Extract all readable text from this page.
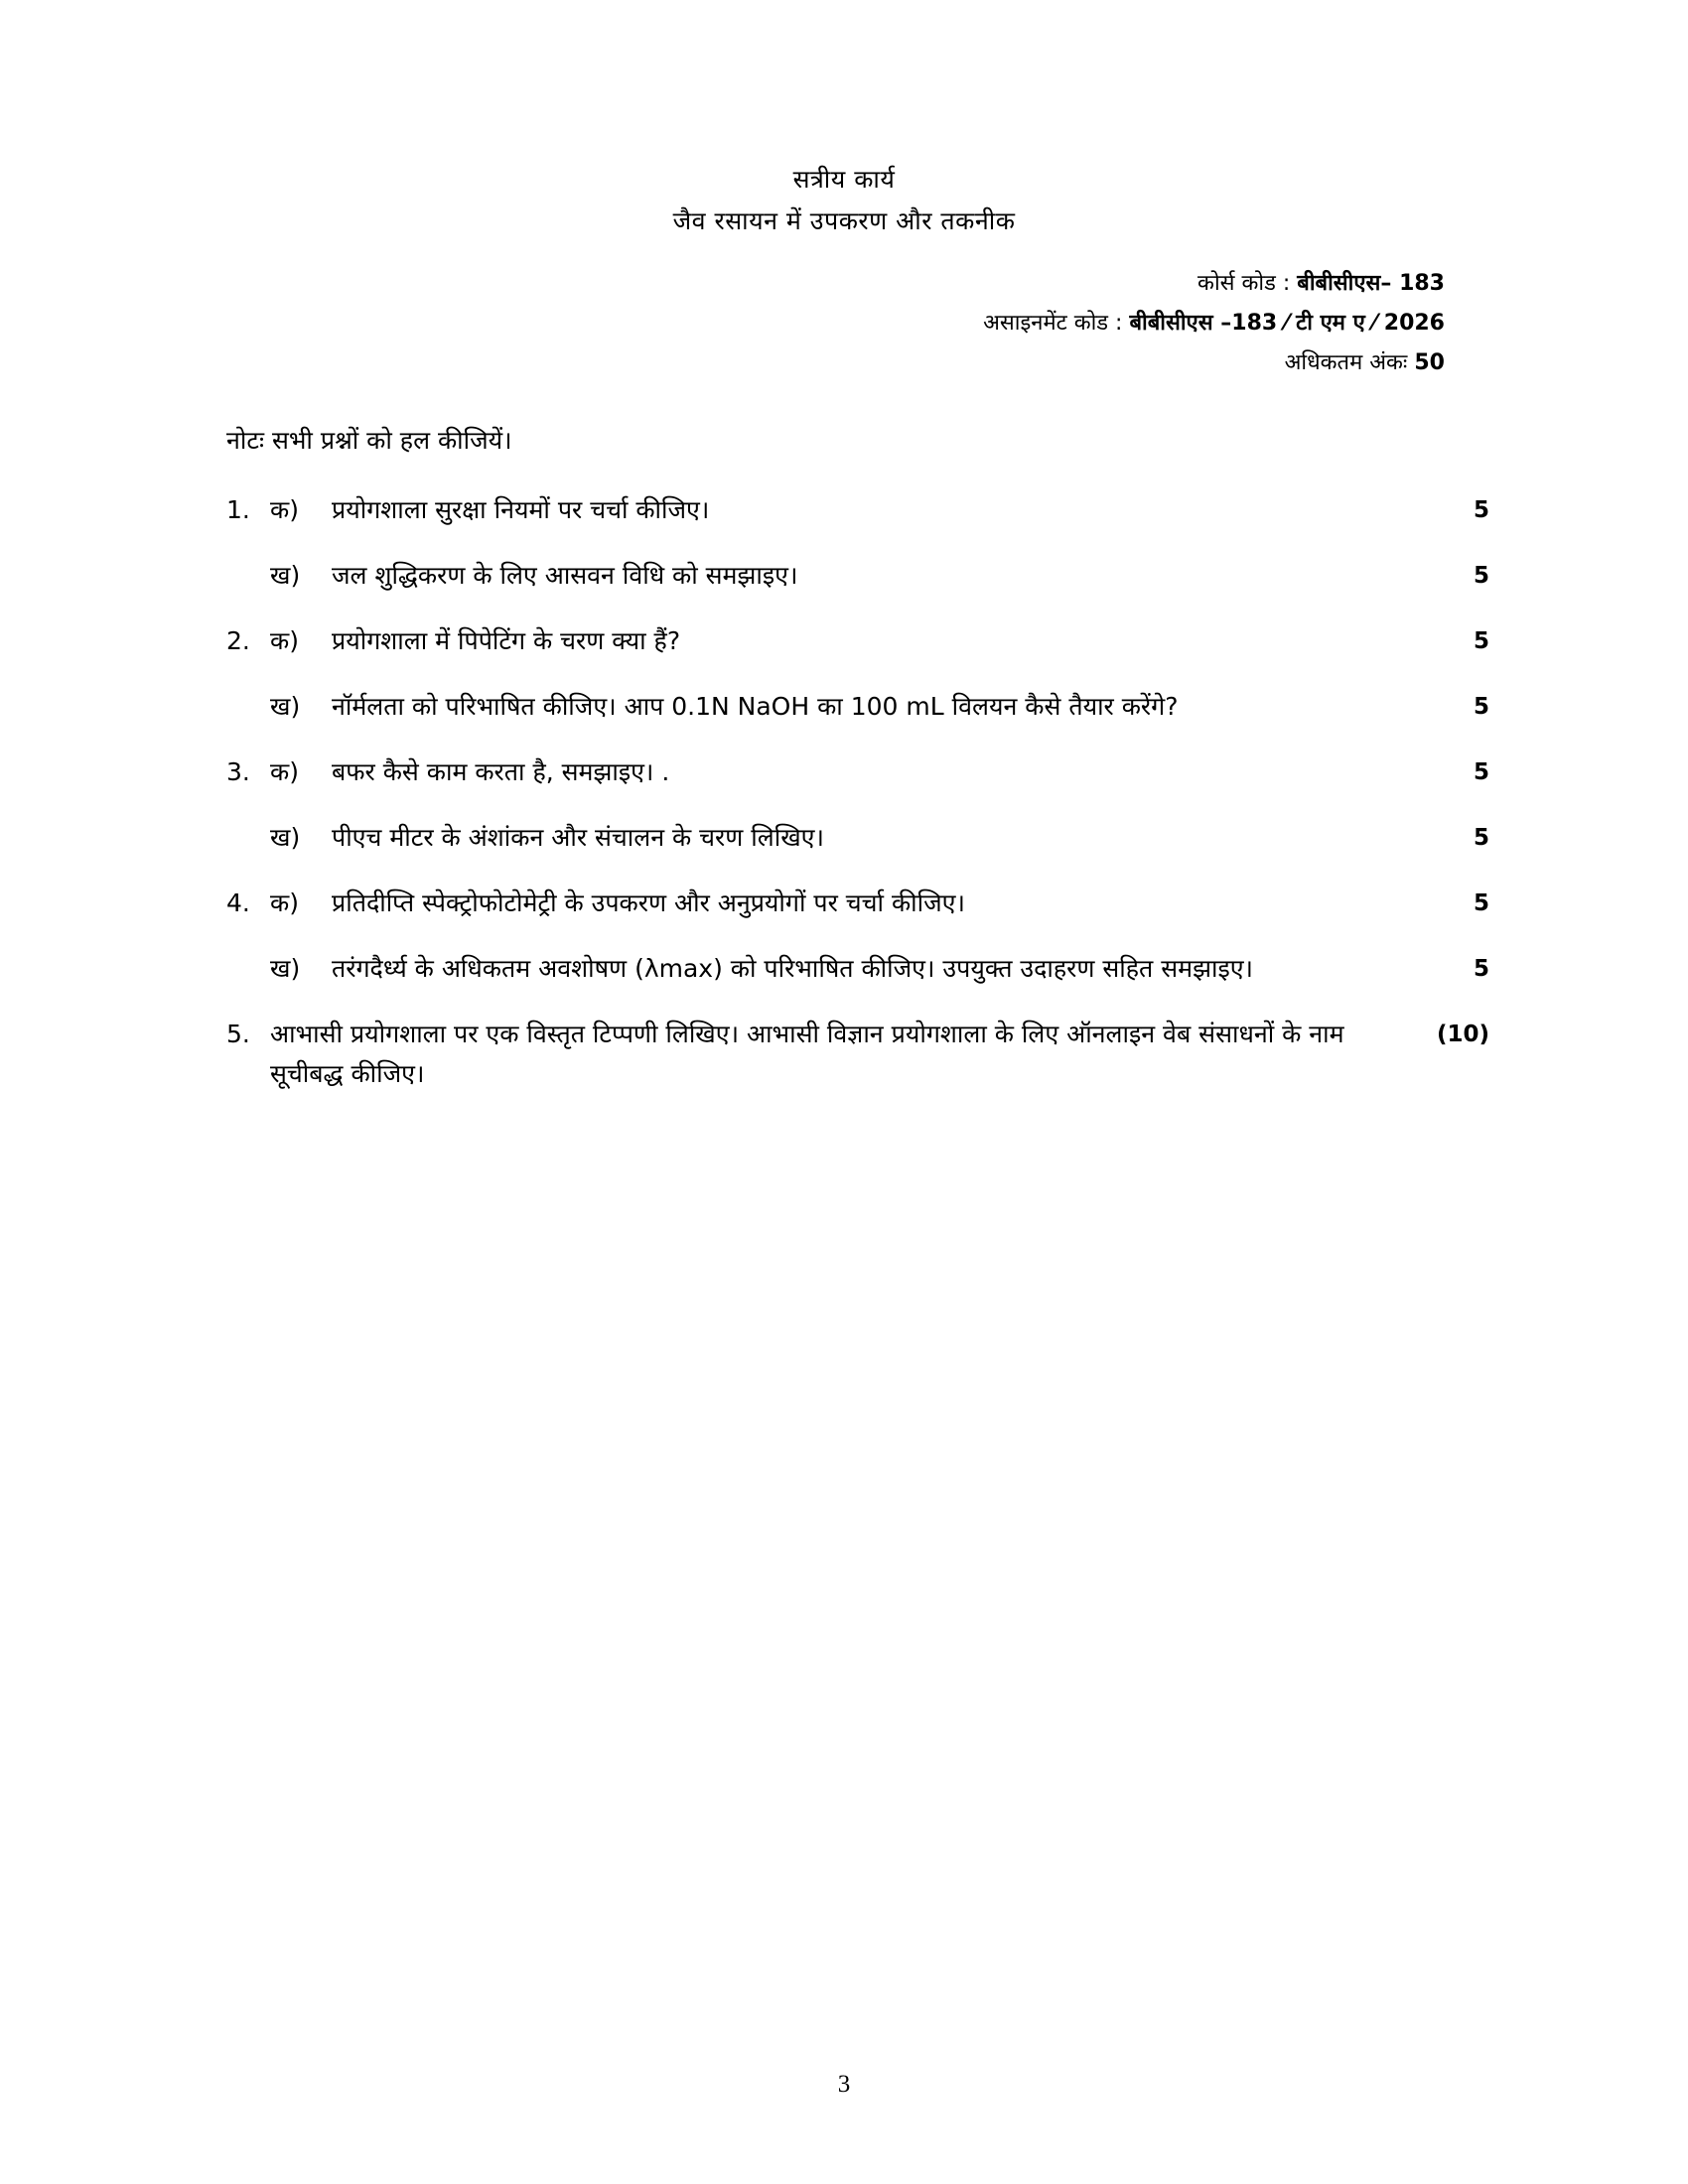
सत्रीय कार्य
जैव रसायन में उपकरण और तकनीक
कोर्स कोड : बीबीसीएस– 183
असाइनमेंट कोड : बीबीसीएस –183 ⁄ टी एम ए ⁄ 2026
अधिकतम अंकः 50
नोटः सभी प्रश्नों को हल कीजियें।
1. क)	प्रयोगशाला सुरक्षा नियमों पर चर्चा कीजिए।	5
ख)	जल शुद्धिकरण के लिए आसवन विधि को समझाइए।	5
2. क)	प्रयोगशाला में पिपेटिंग के चरण क्या हैं?	5
ख)	नॉर्मलता को परिभाषित कीजिए। आप 0.1N NaOH का 100 mL विलयन कैसे तैयार करेंगे?	5
3. क)	बफर कैसे काम करता है, समझाइए। .	5
ख)	पीएच मीटर के अंशांकन और संचालन के चरण लिखिए।	5
4. क)	प्रतिदीप्ति स्पेक्ट्रोफोटोमेट्री के उपकरण और अनुप्रयोगों पर चर्चा कीजिए।	5
ख)	तरंगदैर्ध्य के अधिकतम अवशोषण (λmax) को परिभाषित कीजिए। उपयुक्त उदाहरण सहित समझाइए।	5
5. आभासी प्रयोगशाला पर एक विस्तृत टिप्पणी लिखिए। आभासी विज्ञान प्रयोगशाला के लिए ऑनलाइन वेब संसाधनों के नाम सूचीबद्ध कीजिए।
(10)
3
